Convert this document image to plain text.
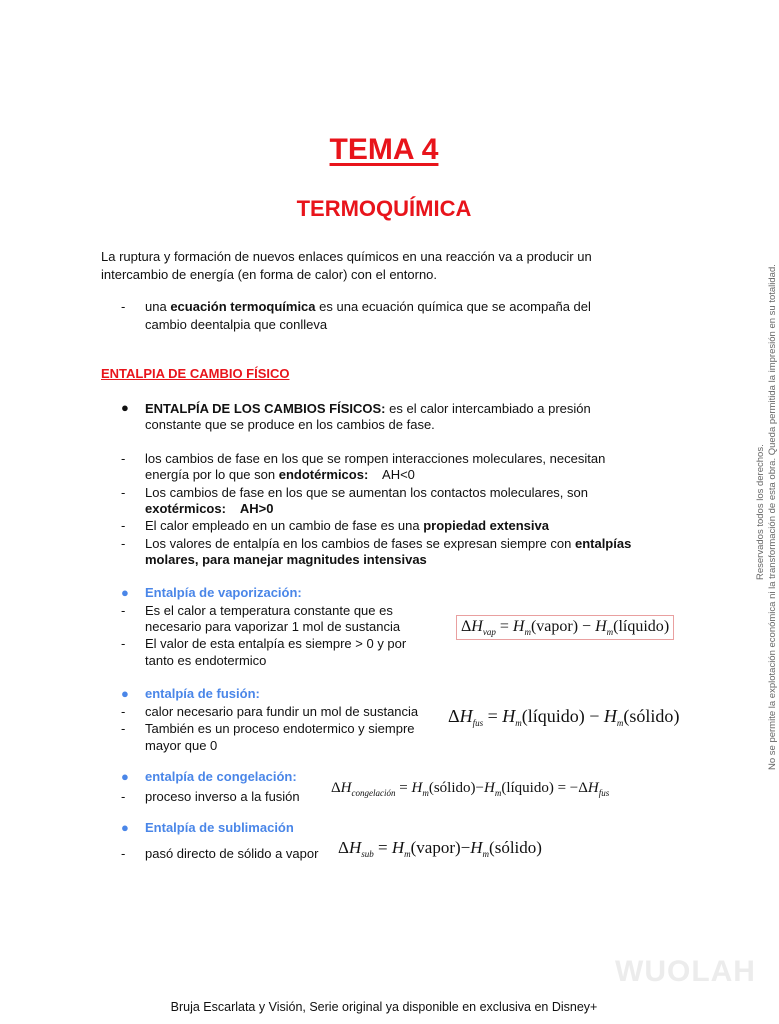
TEMA 4
TERMOQUÍMICA
La ruptura y formación de nuevos enlaces químicos en una reacción va a producir un
intercambio de energía (en forma de calor) con el entorno.
- una ecuación termoquímica es una ecuación química que se acompaña del
cambio deentalpia que conlleva
ENTALPIA DE CAMBIO FÍSICO
● ENTALPÍA DE LOS CAMBIOS FÍSICOS: es el calor intercambiado a presión
constante que se produce en los cambios de fase.
- los cambios de fase en los que se rompen interacciones moleculares, necesitan
energía por lo que son endotérmicos:    AH<0
- Los cambios de fase en los que se aumentan los contactos moleculares, son
exotérmicos:    AH>0
- El calor empleado en un cambio de fase es una propiedad extensiva
- Los valores de entalpía en los cambios de fases se expresan siempre con entalpías
molares, para manejar magnitudes intensivas
● Entalpía de vaporización:
- Es el calor a temperatura constante que es
necesario para vaporizar 1 mol de sustancia
- El valor de esta entalpía es siempre > 0 y por
tanto es endotermico
$\Delta H_{vap}$ = $H_m(vapor)$ − $H_m(líquido)$
● entalpía de fusión:
- calor necesario para fundir un mol de sustancia
- También es un proceso endotermico y siempre
mayor que 0
$\Delta H_{fus}$ = $H_m(líquido)$ − $H_m(sólido)$
● entalpía de congelación:
- proceso inverso a la fusión
$\Delta H_{congelación}$ = $H_m(sólido)-H_m(líquido) = -\Delta H_{fus}$
● Entalpía de sublimación
- pasó directo de sólido a vapor $\Delta H_{sub}$ = $H_m(vapor)-H_m(sólido)$
Reservados todos los derechos. No se permite la explotación económica ni la transformación de esta obra. Queda permitida la impresión en su totalidad.
WUOLAH
Bruja Escarlata y Visión, Serie original ya disponible en exclusiva en Disney+
